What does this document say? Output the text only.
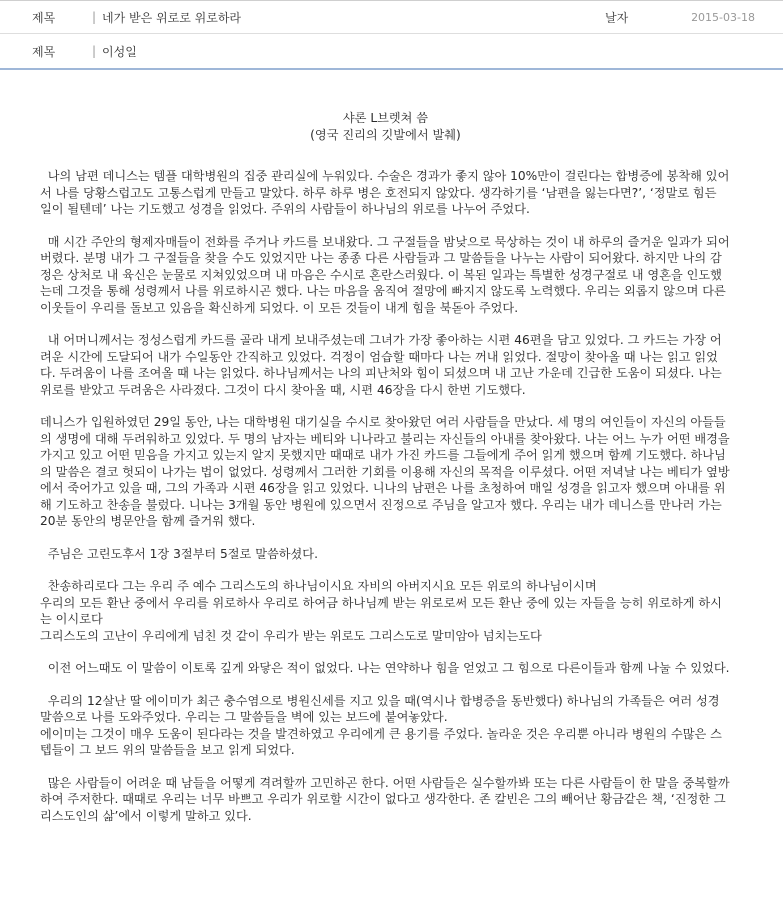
제목	| 네가 받은 위로로 위로하라	날자	2015-03-18
제목	| 이성일
샤론 L브렛쳐 씀
(영국 진리의 깃발에서 발췌)

나의 남편 데니스는 템플 대학병원의 집중 관리실에 누워있다. 수술은 경과가 좋지 않아 10%만이 걸린다는 합병증에 봉착해 있어서 나를 당황스럽고도 고통스럽게 만들고 말았다. 하루 하루 병은 호전되지 않았다. 생각하기를 ‘남편을 잃는다면?’, ‘정말로 힘든 일이 될텐데’ 나는 기도했고 성경을 읽었다. 주위의 사람들이 하나님의 위로를 나누어 주었다.

매 시간 주안의 형제자매들이 전화를 주거나 카드를 보내왔다. 그 구절들을 밤낮으로 묵상하는 것이 내 하루의 즐거운 일과가 되어버렸다. 분명 내가 그 구절들을 찾을 수도 있었지만 나는 종종 다른 사람들과 그 말씀들을 나누는 사람이 되어왔다. 하지만 나의 감정은 상처로 내 육신은 눈물로 지쳐있었으며 내 마음은 수시로 혼란스러웠다. 이 복된 일과는 특별한 성경구절로 내 영혼을 인도했는데 그것을 통해 성령께서 나를 위로하시곤 했다. 나는 마음을 움직여 절망에 빠지지 않도록 노력했다. 우리는 외롭지 않으며 다른 이웃들이 우리를 돌보고 있음을 확신하게 되었다. 이 모든 것들이 내게 힘을 북돋아 주었다.

내 어머니께서는 정성스럽게 카드를 골라 내게 보내주셨는데 그녀가 가장 좋아하는 시편 46편을 담고 있었다. 그 카드는 가장 어려운 시간에 도달되어 내가 수일동안 간직하고 있었다. 걱정이 엄습할 때마다 나는 꺼내 읽었다. 절망이 찾아올 때 나는 읽고 읽었다. 두려움이 나를 조여올 때 나는 읽었다. 하나님께서는 나의 피난처와 힘이 되셨으며 내 고난 가운데 긴급한 도움이 되셨다. 나는 위로를 받았고 두려움은 사라졌다. 그것이 다시 찾아올 때, 시편 46장을 다시 한번 기도했다.

데니스가 입원하였던 29일 동안, 나는 대학병원 대기실을 수시로 찾아왔던 여러 사람들을 만났다. 세 명의 여인들이 자신의 아들들의 생명에 대해 두려워하고 있었다. 두 명의 남자는 베티와 니나라고 불리는 자신들의 아내를 찾아왔다. 나는 어느 누가 어떤 배경을 가지고 있고 어떤 믿음을 가지고 있는지 알지 못했지만 때때로 내가 가진 카드를 그들에게 주어 읽게 했으며 함께 기도했다. 하나님의 말씀은 결코 헛되이 나가는 법이 없었다. 성령께서 그러한 기회를 이용해 자신의 목적을 이루셨다. 어떤 저녁날 나는 베티가 옆방에서 죽어가고 있을 때, 그의 가족과 시편 46장을 읽고 있었다. 니나의 남편은 나를 초청하여 매일 성경을 읽고자 했으며 아내를 위해 기도하고 찬송을 불렀다. 니나는 3개월 동안 병원에 있으면서 진정으로 주님을 알고자 했다. 우리는 내가 데니스를 만나러 가는 20분 동안의 병문안을 함께 즐거워 했다.

주님은 고린도후서 1장 3절부터 5절로 말씀하셨다.

찬송하리로다 그는 우리 주 예수 그리스도의 하나님이시요 자비의 아버지시요 모든 위로의 하나님이시며
우리의 모든 환난 중에서 우리를 위로하사 우리로 하여금 하나님께 받는 위로로써 모든 환난 중에 있는 자들을 능히 위로하게 하시는 이시로다
그리스도의 고난이 우리에게 넘친 것 같이 우리가 받는 위로도 그리스도로 말미암아 넘치는도다

이전 어느때도 이 말씀이 이토록 깊게 와닿은 적이 없었다. 나는 연약하나 힘을 얻었고 그 힘으로 다른이들과 함께 나눌 수 있었다.

우리의 12살난 딸 에이미가 최근 충수염으로 병원신세를 지고 있을 때(역시나 합병증을 동반했다) 하나님의 가족들은 여러 성경 말씀으로 나를 도와주었다. 우리는 그 말씀들을 벽에 있는 보드에 붙여놓았다.
에이미는 그것이 매우 도움이 된다라는 것을 발견하였고 우리에게 큰 용기를 주었다. 놀라운 것은 우리뿐 아니라 병원의 수많은 스텝들이 그 보드 위의 말씀들을 보고 읽게 되었다.

많은 사람들이 어려운 때 남들을 어떻게 격려할까 고민하곤 한다. 어떤 사람들은 실수할까봐 또는 다른 사람들이 한 말을 중복할까하여 주저한다. 때때로 우리는 너무 바쁘고 우리가 위로할 시간이 없다고 생각한다. 존 칼빈은 그의 빼어난 황금같은 책, ‘진정한 그리스도인의 삶’에서 이렇게 말하고 있다.
